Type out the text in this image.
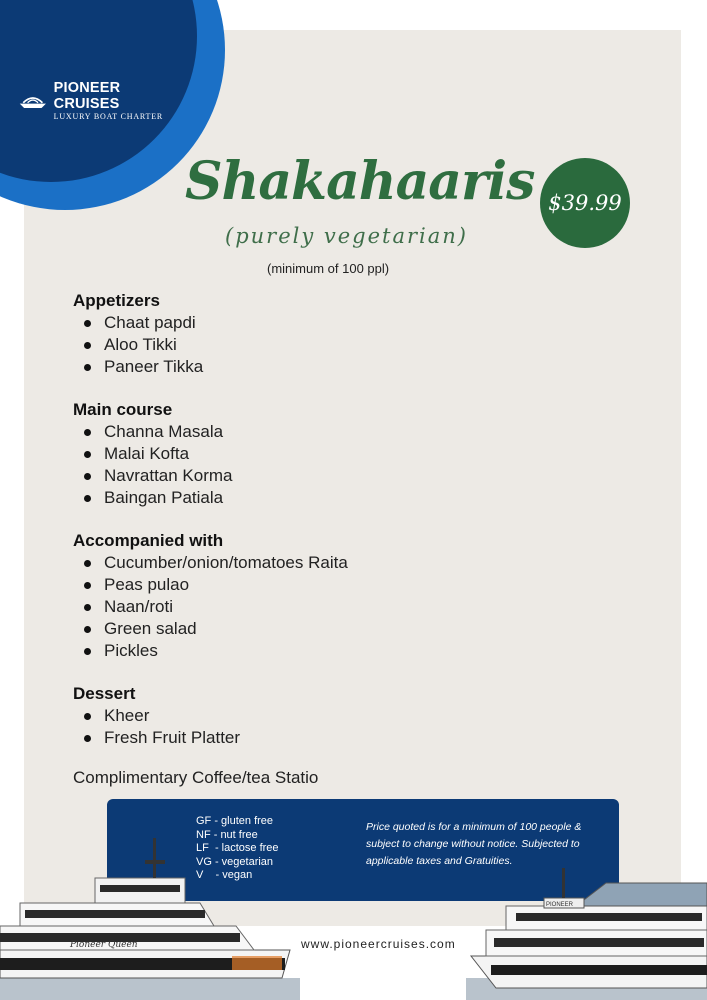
PIONEER CRUISES
LUXURY BOAT CHARTER
Shakahaaris
(purely vegetarian)
(minimum of 100 ppl)
$39.99
Appetizers
Chaat papdi
Aloo Tikki
Paneer Tikka
Main course
Channa Masala
Malai Kofta
Navrattan Korma
Baingan Patiala
Accompanied with
Cucumber/onion/tomatoes Raita
Peas pulao
Naan/roti
Green salad
Pickles
Dessert
Kheer
Fresh Fruit Platter
Complimentary Coffee/tea Statio
GF - gluten free
NF - nut free
LF  - lactose free
VG - vegetarian
V    - vegan
Price quoted is for a minimum of 100 people & subject to change without notice. Subjected to applicable taxes and Gratuities.
Pioneer Queen
PIONEER
www.pioneercruises.com
